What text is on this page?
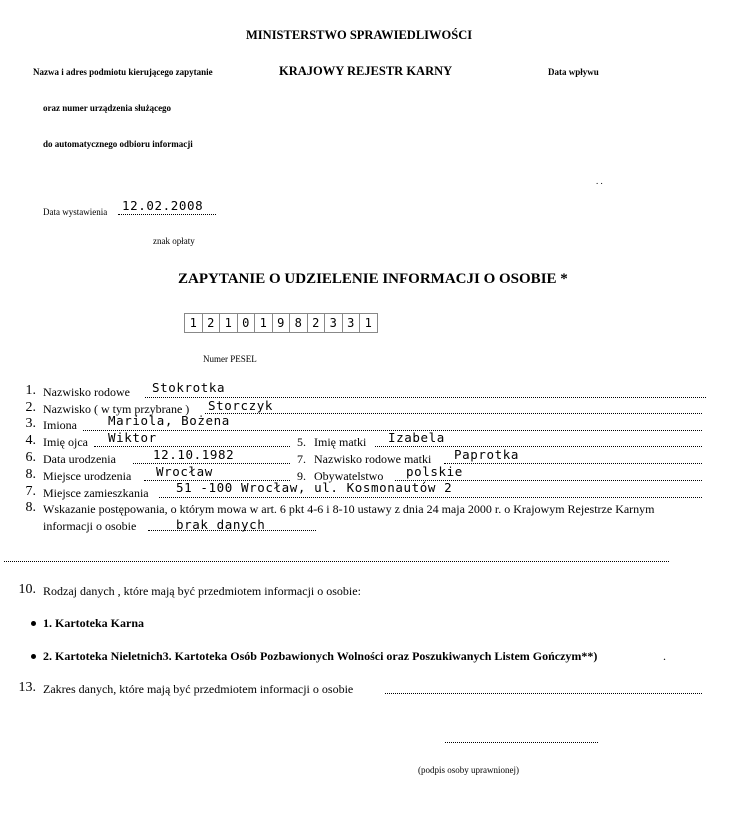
MINISTERSTWO SPRAWIEDLIWOŚCI
Nazwa i adres podmiotu kierującego zapytanie	KRAJOWY REJESTR KARNY	Data wpływu
oraz numer urządzenia służącego
do automatycznego odbioru informacji
. .
Data wystawienia 12.02.2008
znak opłaty
ZAPYTANIE O UDZIELENIE INFORMACJI O OSOBIE *
1 2 1 0 1 9 8 2 3 3 1
Numer PESEL
1. Nazwisko rodowe Stokrotka
2. Nazwisko ( w tym przybrane ) Storczyk
3. Imiona Mariola, Bożena
4. Imię ojca Wiktor	5. Imię matki Izabela
6. Data urodzenia	12.10.1982	7. Nazwisko rodowe matki Paprotka
8. Miejsce urodzenia Wrocław	9. Obywatelstwo polskie
7. Miejsce zamieszkania 51 -100 Wrocław, ul. Kosmonautów 2
8. Wskazanie postępowania, o którym mowa w art. 6 pkt 4-6 i 8-10 ustawy z dnia 24 maja 2000 r. o Krajowym Rejestrze Karnym
informacji o osobie	brak danych
10. Rodzaj danych , które mają być przedmiotem informacji o osobie:
1. Kartoteka Karna
2. Kartoteka Nieletnich3. Kartoteka Osób Pozbawionych Wolności oraz Poszukiwanych Listem Gończym**)	.
13. Zakres danych, które mają być przedmiotem informacji o osobie
(podpis osoby uprawnionej)
